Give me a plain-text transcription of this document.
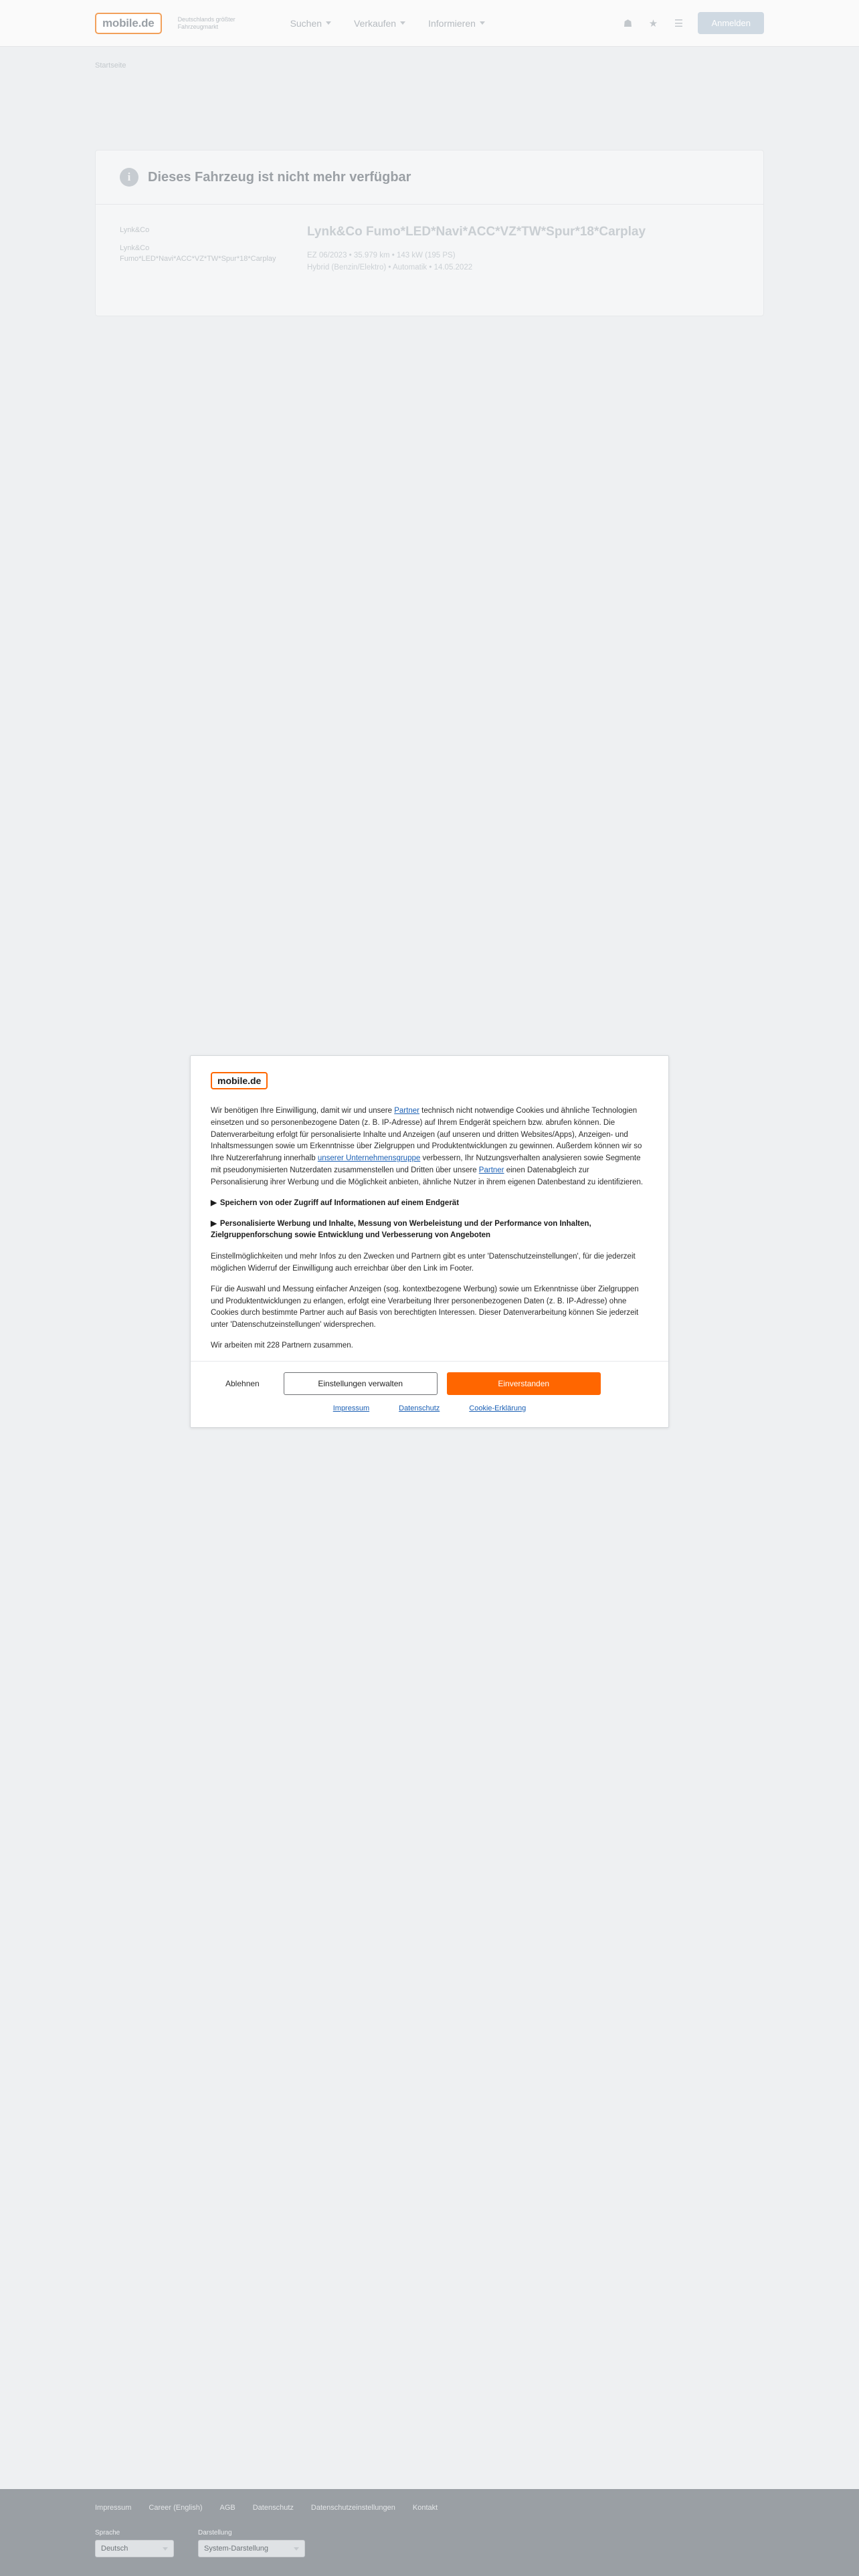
mobile.de	Deutschlands größter Fahrzeugmarkt	Suchen	Verkaufen	Informieren	☗ ★ ☰	Anmelden
Startseite
i	Dieses Fahrzeug ist nicht mehr verfügbar
Lynk&Co
Lynk&Co Fumo*LED*Navi*ACC*VZ*TW*Spur*18*Carplay
Lynk&Co Fumo*LED*Navi*ACC*VZ*TW*Spur*18*Carplay
EZ 06/2023 • 35.979 km • 143 kW (195 PS)
Hybrid (Benzin/Elektro) • Automatik • 14.05.2022
Impressum Career (English) AGB Datenschutz Datenschutzeinstellungen Kontakt
Sprache
Deutsch
Darstellung
System-Darstellung
mobile.de

Wir benötigen Ihre Einwilligung, damit wir und unsere Partner technisch nicht notwendige Cookies und ähnliche Technologien einsetzen und so personenbezogene Daten (z. B. IP-Adresse) auf Ihrem Endgerät speichern bzw. abrufen können. Die Datenverarbeitung erfolgt für personalisierte Inhalte und Anzeigen (auf unseren und dritten Websites/Apps), Anzeigen- und Inhaltsmessungen sowie um Erkenntnisse über Zielgruppen und Produktentwicklungen zu gewinnen. Außerdem können wir so Ihre Nutzererfahrung innerhalb unserer Unternehmensgruppe verbessern, Ihr Nutzungsverhalten analysieren sowie Segmente mit pseudonymisierten Nutzerdaten zusammenstellen und Dritten über unsere Partner einen Datenabgleich zur Personalisierung ihrer Werbung und die Möglichkeit anbieten, ähnliche Nutzer in ihrem eigenen Datenbestand zu identifizieren.

▶ Speichern von oder Zugriff auf Informationen auf einem Endgerät

▶ Personalisierte Werbung und Inhalte, Messung von Werbeleistung und der Performance von Inhalten, Zielgruppenforschung sowie Entwicklung und Verbesserung von Angeboten

Einstellmöglichkeiten und mehr Infos zu den Zwecken und Partnern gibt es unter 'Datenschutzeinstellungen', für die jederzeit möglichen Widerruf der Einwilligung auch erreichbar über den Link im Footer.

Für die Auswahl und Messung einfacher Anzeigen (sog. kontextbezogene Werbung) sowie um Erkenntnisse über Zielgruppen und Produktentwicklungen zu erlangen, erfolgt eine Verarbeitung Ihrer personenbezogenen Daten (z. B. IP-Adresse) ohne Cookies durch bestimmte Partner auch auf Basis von berechtigten Interessen. Dieser Datenverarbeitung können Sie jederzeit unter 'Datenschutzeinstellungen' widersprechen.

Wir arbeiten mit 228 Partnern zusammen.

Ablehnen	Einstellungen verwalten	Einverstanden
Impressum	Datenschutz	Cookie-Erklärung
